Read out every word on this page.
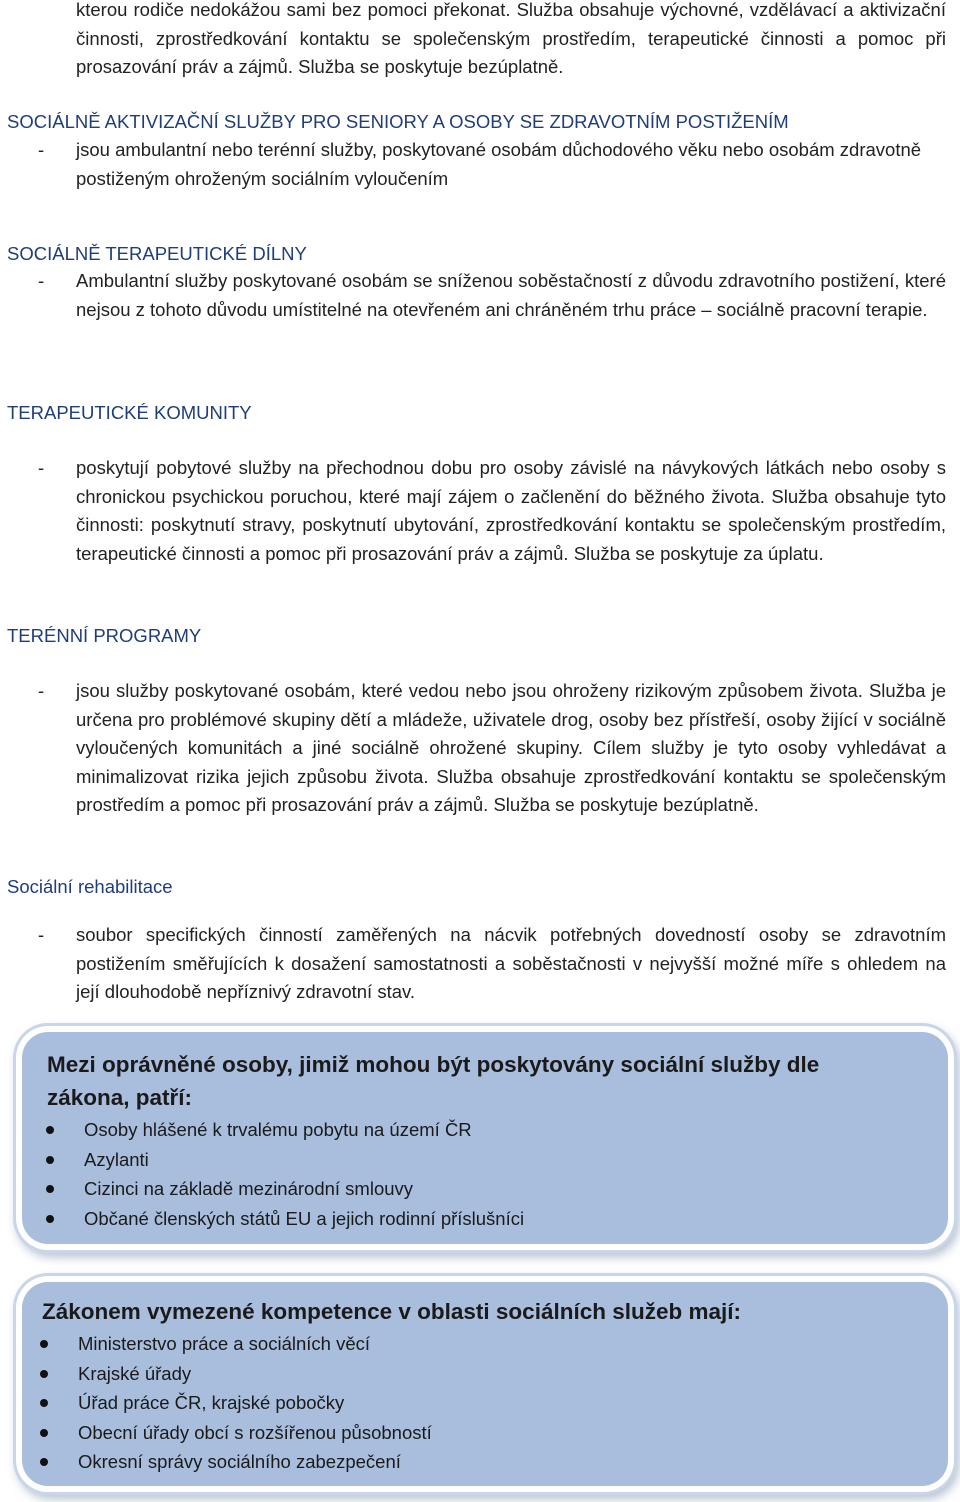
kterou rodiče nedokážou sami bez pomoci překonat. Služba obsahuje výchovné, vzdělávací a aktivizační činnosti, zprostředkování kontaktu se společenským prostředím, terapeutické činnosti a pomoc při prosazování práv a zájmů. Služba se poskytuje bezúplatně.

SOCIÁLNĚ AKTIVIZAČNÍ SLUŽBY PRO SENIORY A OSOBY SE ZDRAVOTNÍM POSTIŽENÍM
- jsou ambulantní nebo terénní služby, poskytované osobám důchodového věku nebo osobám zdravotně postiženým ohroženým sociálním vyloučením

SOCIÁLNĚ TERAPEUTICKÉ DÍLNY
- Ambulantní služby poskytované osobám se sníženou soběstačností z důvodu zdravotního postižení, které nejsou z tohoto důvodu umístitelné na otevřeném ani chráněném trhu práce – sociálně pracovní terapie.

TERAPEUTICKÉ KOMUNITY
- poskytují pobytové služby na přechodnou dobu pro osoby závislé na návykových látkách nebo osoby s chronickou psychickou poruchou, které mají zájem o začlenění do běžného života. Služba obsahuje tyto činnosti: poskytnutí stravy, poskytnutí ubytování, zprostředkování kontaktu se společenským prostředím, terapeutické činnosti a pomoc při prosazování práv a zájmů. Služba se poskytuje za úplatu.

TERÉNNÍ PROGRAMY
- jsou služby poskytované osobám, které vedou nebo jsou ohroženy rizikovým způsobem života. Služba je určena pro problémové skupiny dětí a mládeže, uživatele drog, osoby bez přístřeší, osoby žijící v sociálně vyloučených komunitách a jiné sociálně ohrožené skupiny. Cílem služby je tyto osoby vyhledávat a minimalizovat rizika jejich způsobu života. Služba obsahuje zprostředkování kontaktu se společenským prostředím a pomoc při prosazování práv a zájmů. Služba se poskytuje bezúplatně.

Sociální rehabilitace
- soubor specifických činností zaměřených na nácvik potřebných dovedností osoby se zdravotním postižením směřujících k dosažení samostatnosti a soběstačnosti v nejvyšší možné míře s ohledem na její dlouhodobě nepříznivý zdravotní stav.

Mezi oprávněné osoby, jimiž mohou být poskytovány sociální služby dle zákona, patří:
Osoby hlášené k trvalému pobytu na území ČR
Azylanti
Cizinci na základě mezinárodní smlouvy
Občané členských států EU a jejich rodinní příslušníci
Zákonem vymezené kompetence v oblasti sociálních služeb mají:
Ministerstvo práce a sociálních věcí
Krajské úřady
Úřad práce ČR, krajské pobočky
Obecní úřady obcí s rozšířenou působností
Okresní správy sociálního zabezpečení
